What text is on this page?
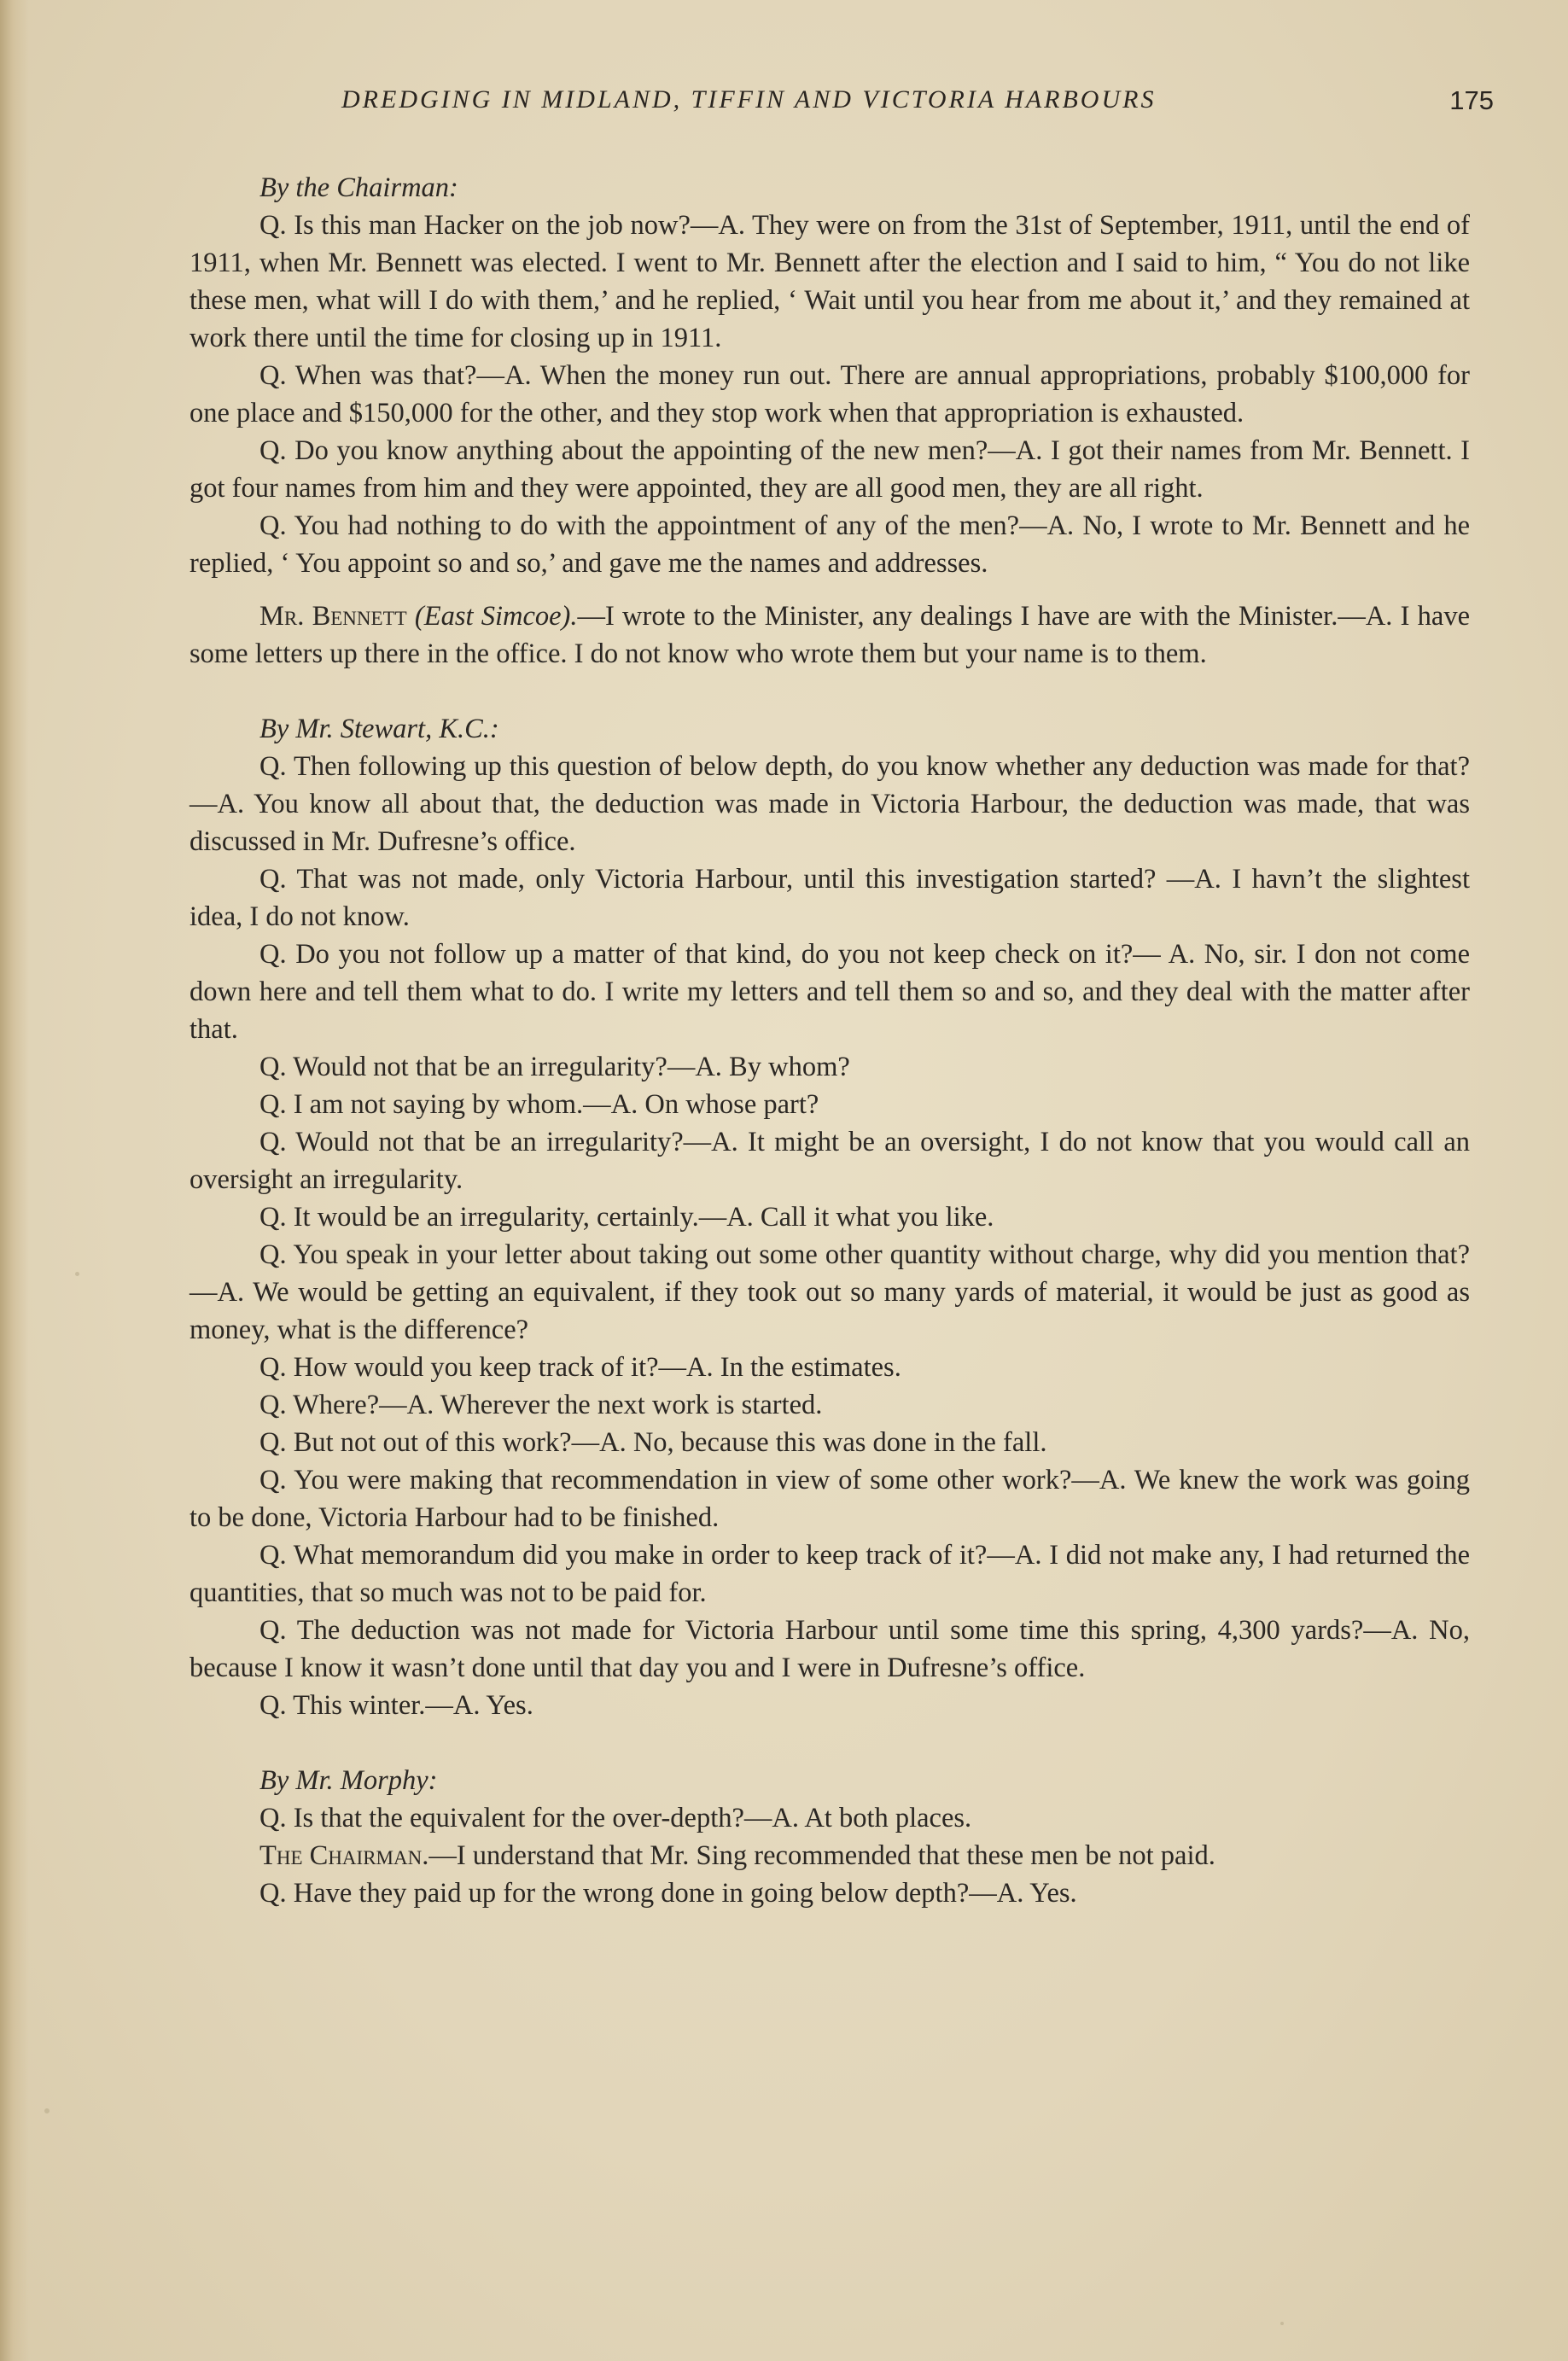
DREDGING IN MIDLAND, TIFFIN AND VICTORIA HARBOURS	175

By the Chairman:

Q. Is this man Hacker on the job now?—A. They were on from the 31st of September, 1911, until the end of 1911, when Mr. Bennett was elected. I went to Mr. Bennett after the election and I said to him, “ You do not like these men, what will I do with them,’ and he replied, ‘ Wait until you hear from me about it,’ and they remained at work there until the time for closing up in 1911.

Q. When was that?—A. When the money run out. There are annual appropriations, probably $100,000 for one place and $150,000 for the other, and they stop work when that appropriation is exhausted.

Q. Do you know anything about the appointing of the new men?—A. I got their names from Mr. Bennett. I got four names from him and they were appointed, they are all good men, they are all right.

Q. You had nothing to do with the appointment of any of the men?—A. No, I wrote to Mr. Bennett and he replied, ‘ You appoint so and so,’ and gave me the names and addresses.

Mr. Bennett (East Simcoe).—I wrote to the Minister, any dealings I have are with the Minister.—A. I have some letters up there in the office. I do not know who wrote them but your name is to them.

By Mr. Stewart, K.C.:

Q. Then following up this question of below depth, do you know whether any deduction was made for that?—A. You know all about that, the deduction was made in Victoria Harbour, the deduction was made, that was discussed in Mr. Dufresne’s office.

Q. That was not made, only Victoria Harbour, until this investigation started? —A. I havn’t the slightest idea, I do not know.

Q. Do you not follow up a matter of that kind, do you not keep check on it?— A. No, sir. I don not come down here and tell them what to do. I write my letters and tell them so and so, and they deal with the matter after that.

Q. Would not that be an irregularity?—A. By whom?

Q. I am not saying by whom.—A. On whose part?

Q. Would not that be an irregularity?—A. It might be an oversight, I do not know that you would call an oversight an irregularity.

Q. It would be an irregularity, certainly.—A. Call it what you like.

Q. You speak in your letter about taking out some other quantity without charge, why did you mention that?—A. We would be getting an equivalent, if they took out so many yards of material, it would be just as good as money, what is the difference?

Q. How would you keep track of it?—A. In the estimates.

Q. Where?—A. Wherever the next work is started.

Q. But not out of this work?—A. No, because this was done in the fall.

Q. You were making that recommendation in view of some other work?—A. We knew the work was going to be done, Victoria Harbour had to be finished.

Q. What memorandum did you make in order to keep track of it?—A. I did not make any, I had returned the quantities, that so much was not to be paid for.

Q. The deduction was not made for Victoria Harbour until some time this spring, 4,300 yards?—A. No, because I know it wasn’t done until that day you and I were in Dufresne’s office.

Q. This winter.—A. Yes.

By Mr. Morphy:

Q. Is that the equivalent for the over-depth?—A. At both places.

The Chairman.—I understand that Mr. Sing recommended that these men be not paid.

Q. Have they paid up for the wrong done in going below depth?—A. Yes.
